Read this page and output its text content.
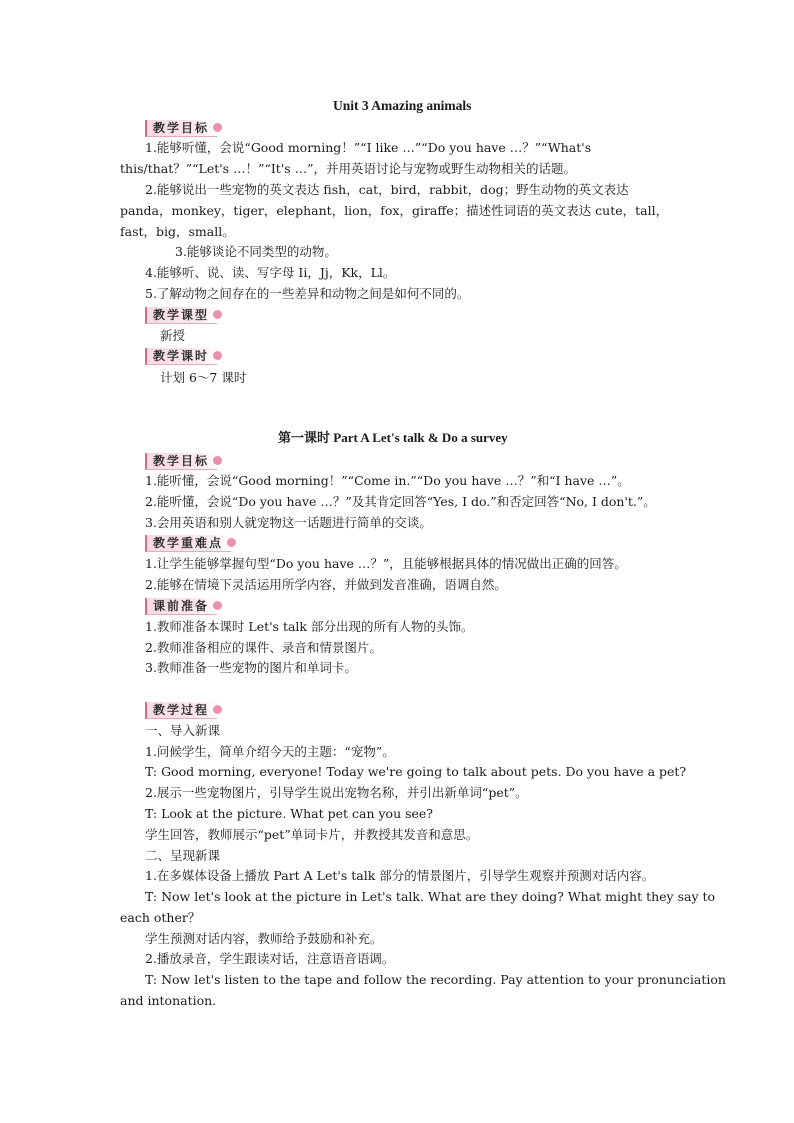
Unit 3 Amazing animals
教学目标
1.能够听懂，会说“Good morning！”“I like …”“Do you have …？”“What's
this/that？”“Let's …！”“It's …”，并用英语讨论与宠物或野生动物相关的话题。
2.能够说出一些宠物的英文表达 fish，cat，bird，rabbit，dog；野生动物的英文表达
panda，monkey，tiger，elephant，lion，fox，giraffe；描述性词语的英文表达 cute，tall，
fast，big，small。
3.能够谈论不同类型的动物。
4.能够听、说、读、写字母 Ii，Jj，Kk，Ll。
5.了解动物之间存在的一些差异和动物之间是如何不同的。
教学课型
新授
教学课时
计划 6～7 课时
第一课时 Part A Let's talk & Do a survey
教学目标
1.能听懂，会说“Good morning！”“Come in.”“Do you have …？”和“I have …”。
2.能听懂，会说“Do you have …？”及其肯定回答“Yes, I do.”和否定回答“No, I don't.”。
3.会用英语和别人就宠物这一话题进行简单的交谈。
教学重难点
1.让学生能够掌握句型“Do you have …？”，且能够根据具体的情况做出正确的回答。
2.能够在情境下灵活运用所学内容，并做到发音准确，语调自然。
课前准备
1.教师准备本课时 Let's talk 部分出现的所有人物的头饰。
2.教师准备相应的课件、录音和情景图片。
3.教师准备一些宠物的图片和单词卡。
教学过程
一、导入新课
1.问候学生，简单介绍今天的主题：“宠物”。
T: Good morning, everyone! Today we're going to talk about pets. Do you have a pet?
2.展示一些宠物图片，引导学生说出宠物名称，并引出新单词“pet”。
T: Look at the picture. What pet can you see?
学生回答，教师展示“pet”单词卡片，并教授其发音和意思。
二、呈现新课
1.在多媒体设备上播放 Part A Let's talk 部分的情景图片，引导学生观察并预测对话内容。
T: Now let's look at the picture in Let's talk. What are they doing? What might they say to
each other？
学生预测对话内容，教师给予鼓励和补充。
2.播放录音，学生跟读对话，注意语音语调。
T: Now let's listen to the tape and follow the recording. Pay attention to your pronunciation
and intonation.
